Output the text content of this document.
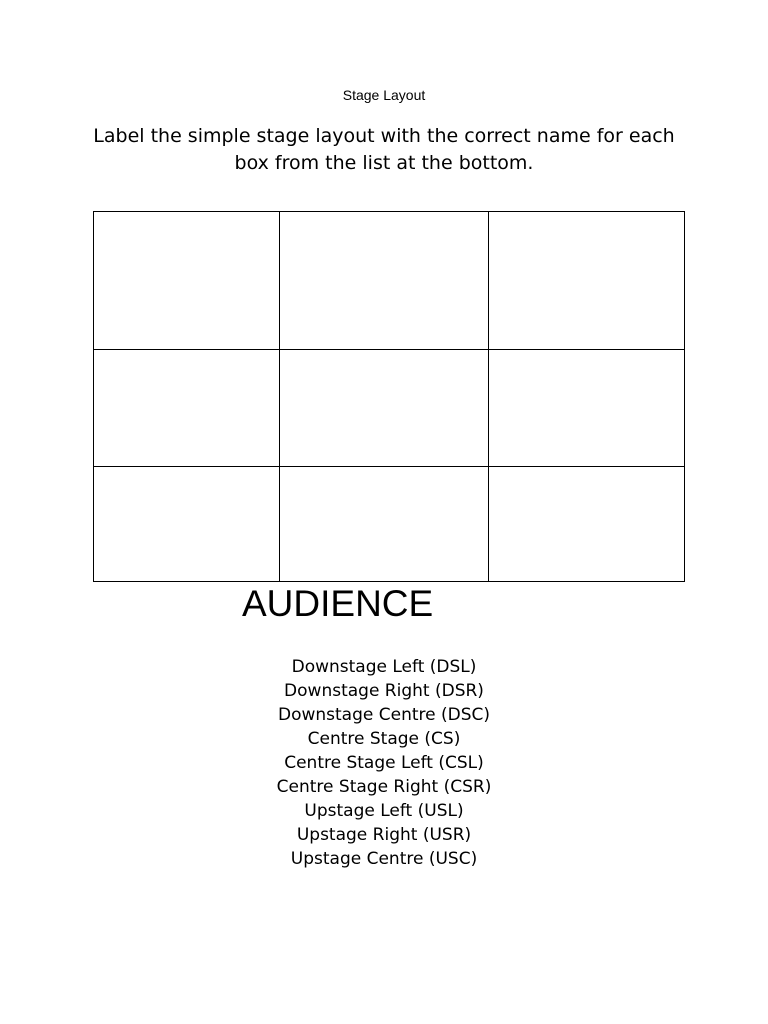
Stage Layout
Label the simple stage layout with the correct name for each
box from the list at the bottom.
AUDIENCE
Downstage Left (DSL)
Downstage Right (DSR)
Downstage Centre (DSC)
Centre Stage (CS)
Centre Stage Left (CSL)
Centre Stage Right (CSR)
Upstage Left (USL)
Upstage Right (USR)
Upstage Centre (USC)
